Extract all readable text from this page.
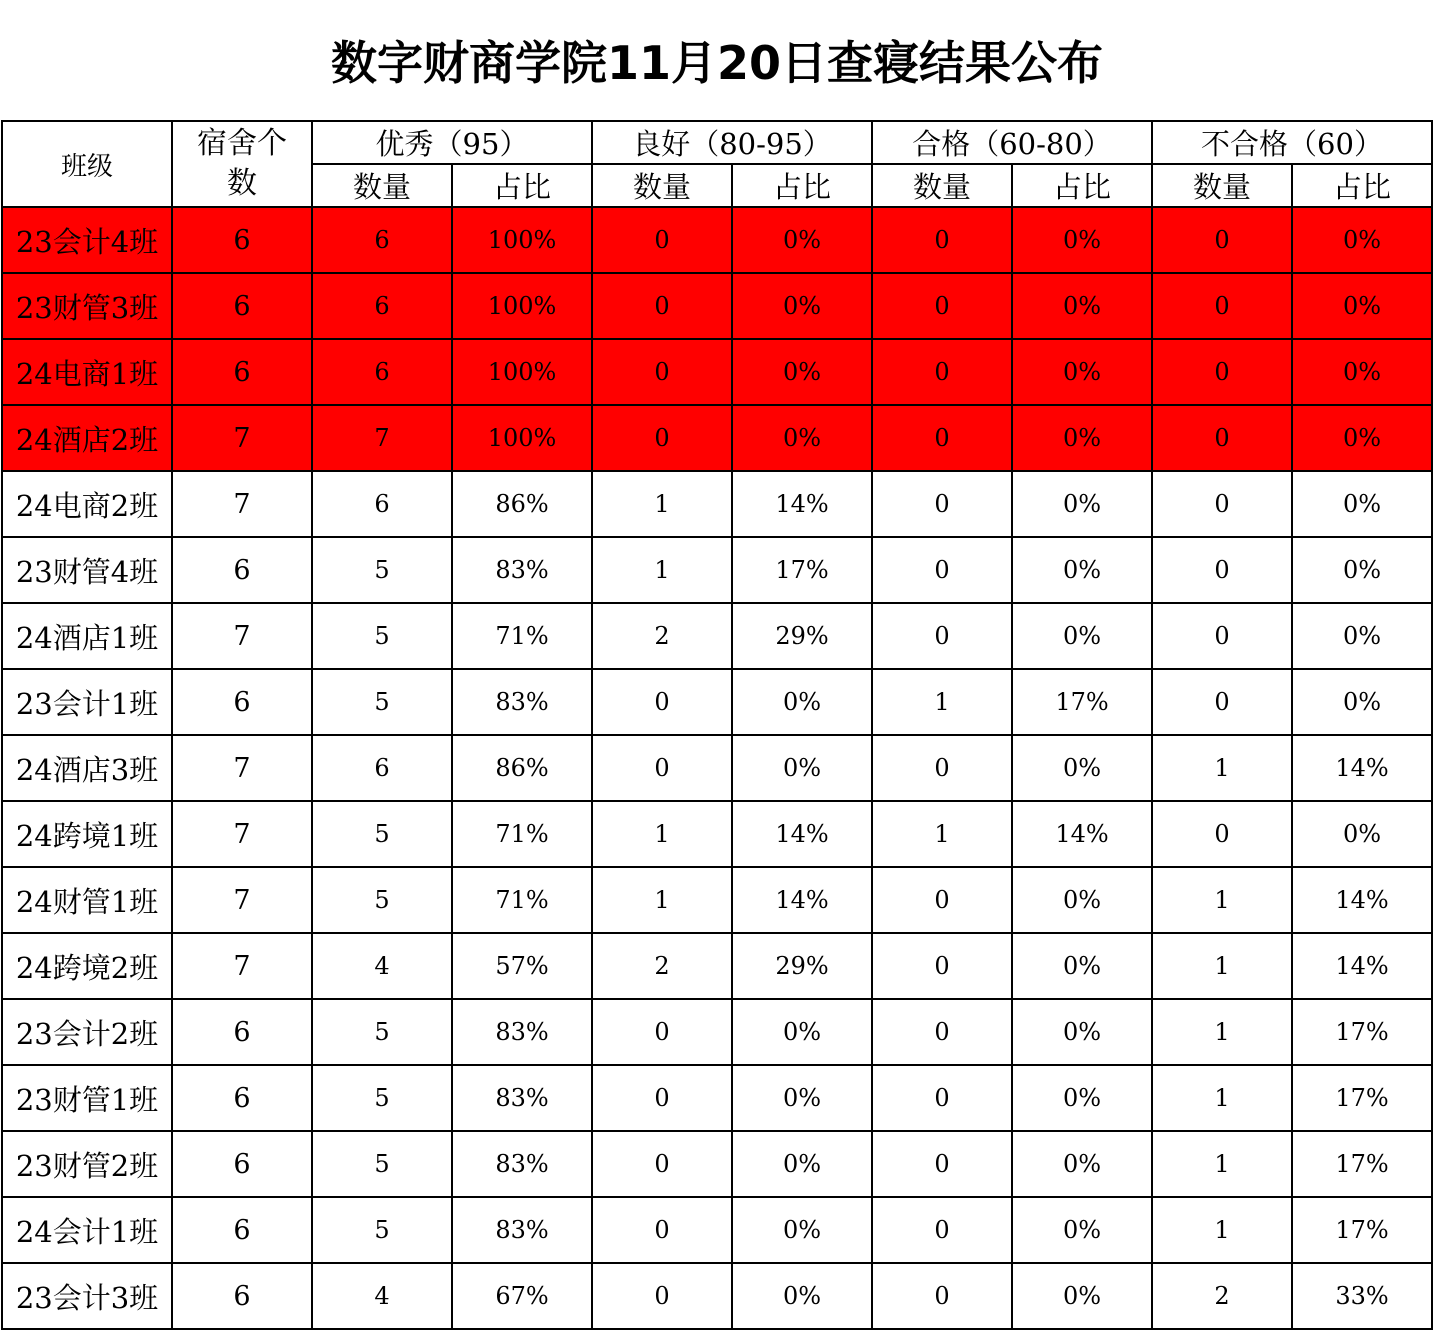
数字财商学院11月20日查寝结果公布
班级	宿舍个数	优秀（95）		良好（80-95）		合格（60-80）		不合格（60）	
		数量	占比	数量	占比	数量	占比	数量	占比
23会计4班	6	6	100%	0	0%	0	0%	0	0%
23财管3班	6	6	100%	0	0%	0	0%	0	0%
24电商1班	6	6	100%	0	0%	0	0%	0	0%
24酒店2班	7	7	100%	0	0%	0	0%	0	0%
24电商2班	7	6	86%	1	14%	0	0%	0	0%
23财管4班	6	5	83%	1	17%	0	0%	0	0%
24酒店1班	7	5	71%	2	29%	0	0%	0	0%
23会计1班	6	5	83%	0	0%	1	17%	0	0%
24酒店3班	7	6	86%	0	0%	0	0%	1	14%
24跨境1班	7	5	71%	1	14%	1	14%	0	0%
24财管1班	7	5	71%	1	14%	0	0%	1	14%
24跨境2班	7	4	57%	2	29%	0	0%	1	14%
23会计2班	6	5	83%	0	0%	0	0%	1	17%
23财管1班	6	5	83%	0	0%	0	0%	1	17%
23财管2班	6	5	83%	0	0%	0	0%	1	17%
24会计1班	6	5	83%	0	0%	0	0%	1	17%
23会计3班	6	4	67%	0	0%	0	0%	2	33%
